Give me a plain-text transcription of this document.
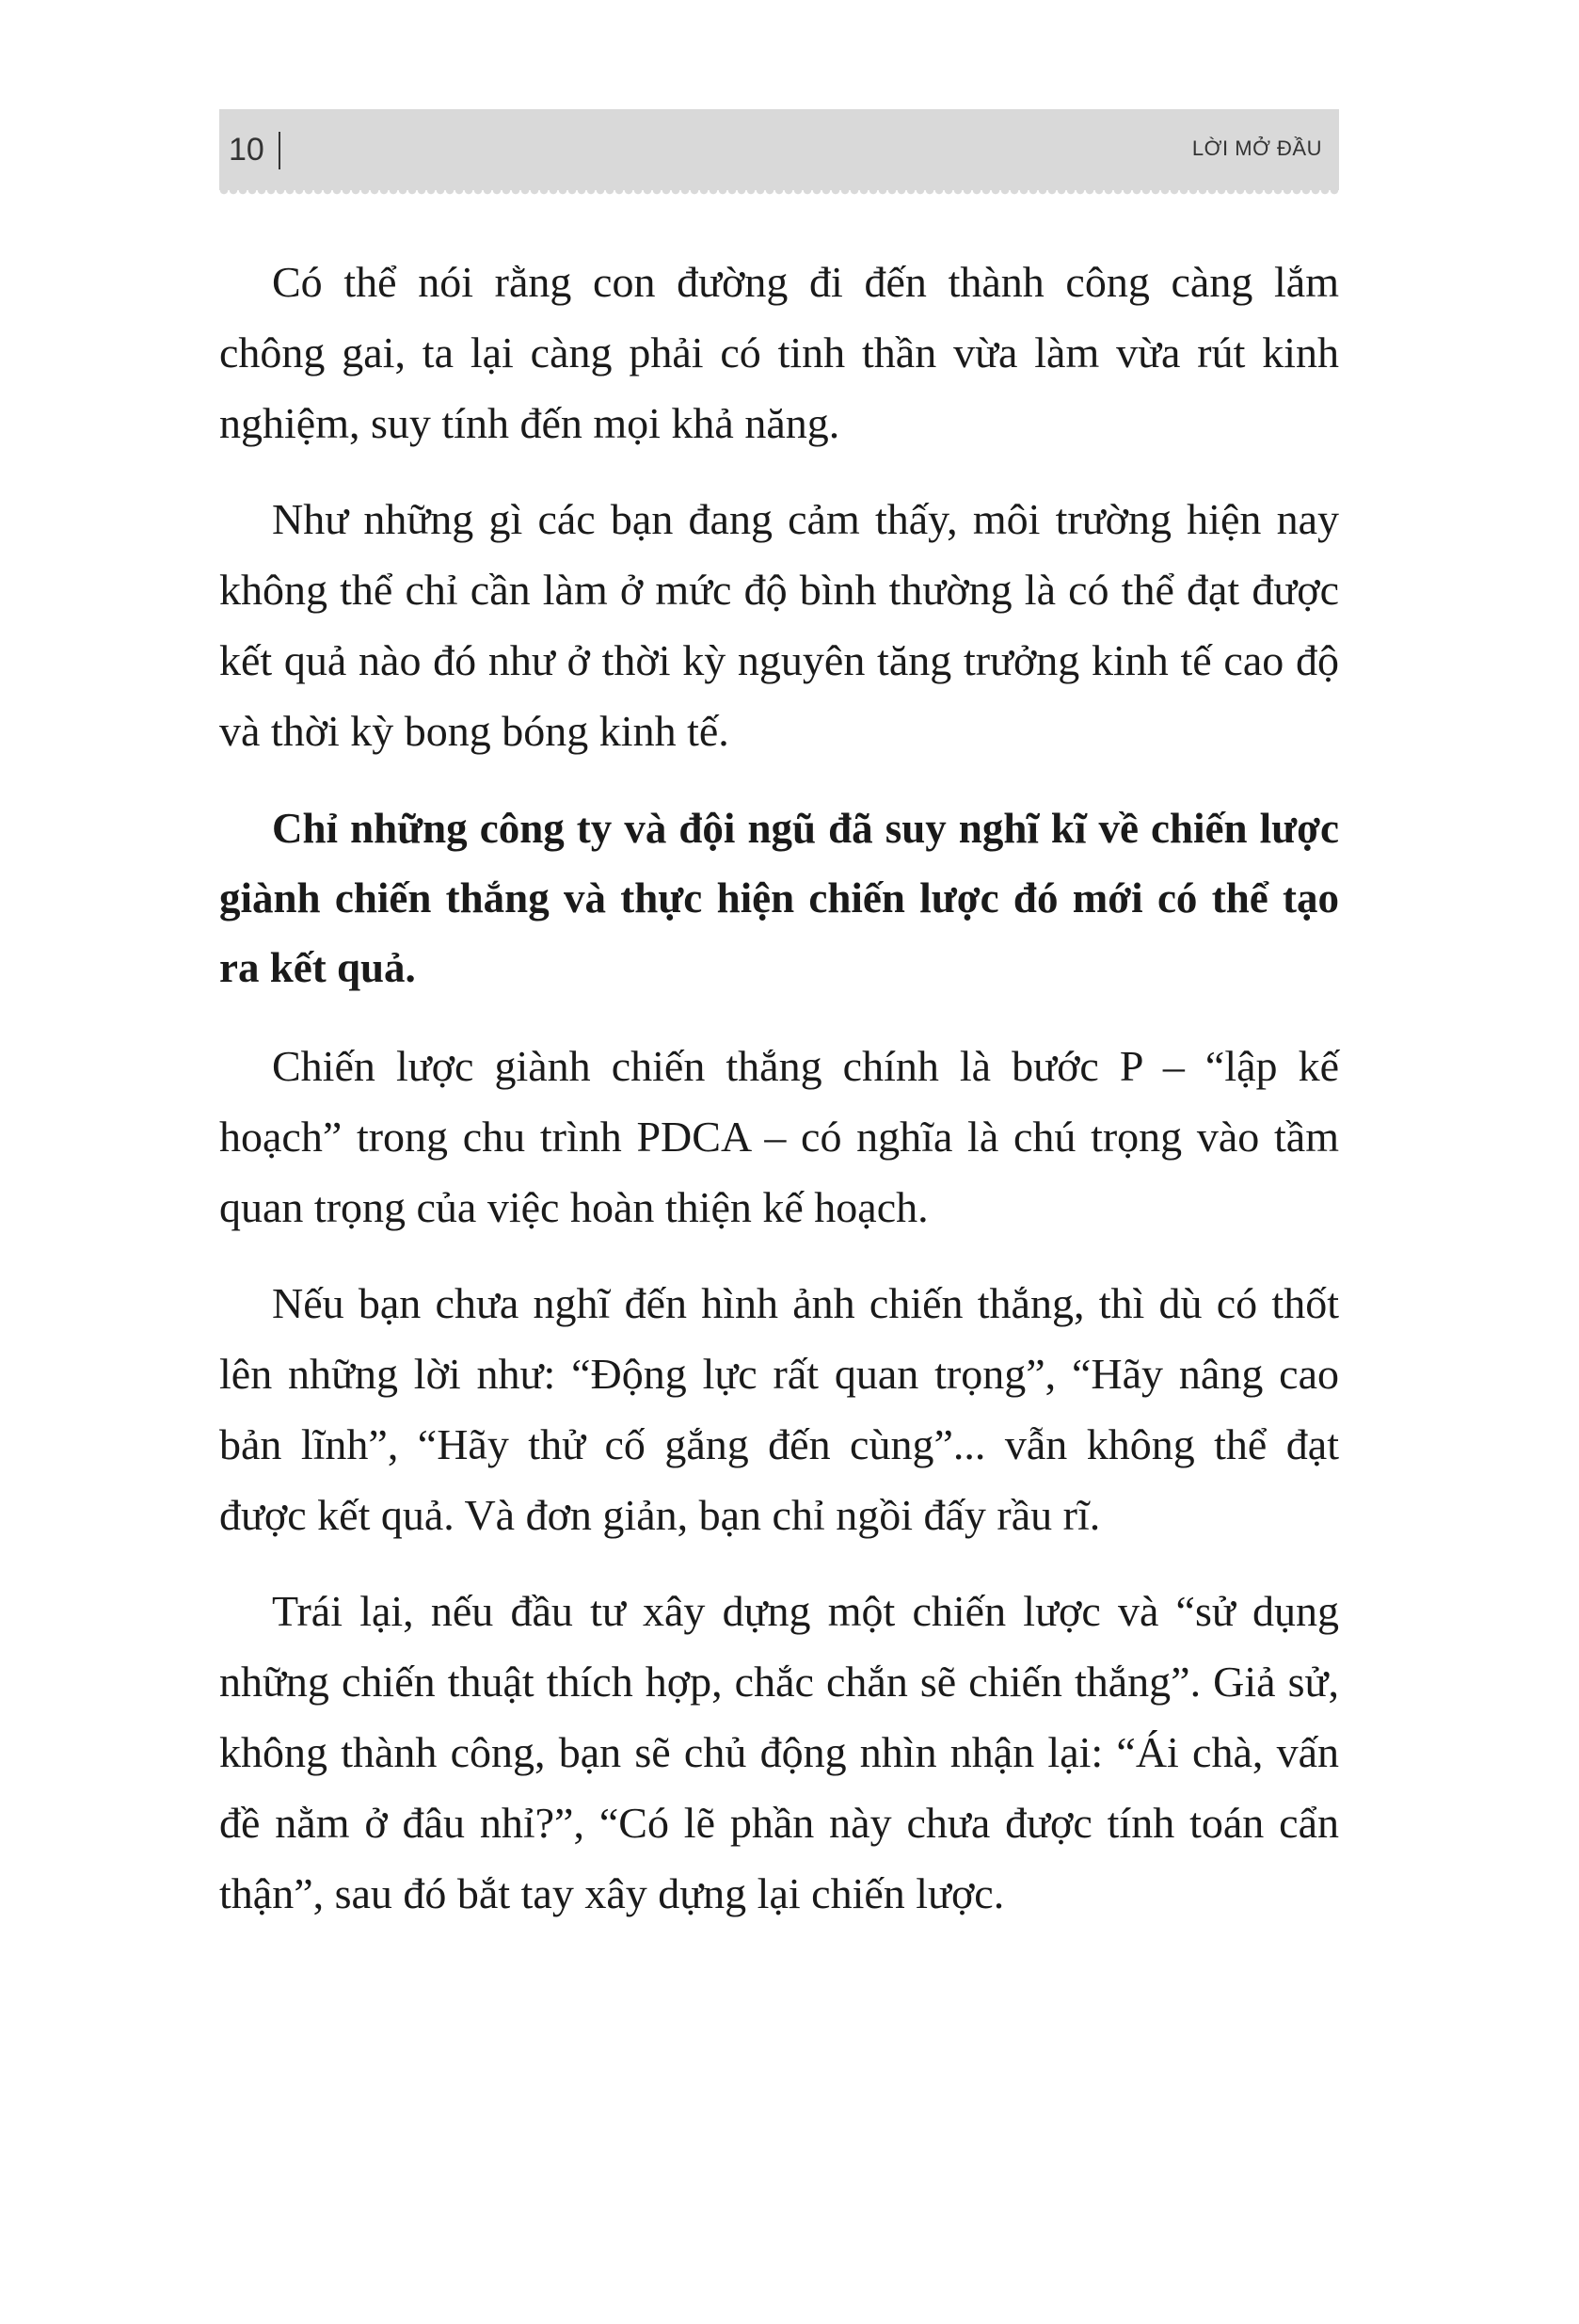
10	LỜI MỞ ĐẦU

Có thể nói rằng con đường đi đến thành công càng lắm chông gai, ta lại càng phải có tinh thần vừa làm vừa rút kinh nghiệm, suy tính đến mọi khả năng.

Như những gì các bạn đang cảm thấy, môi trường hiện nay không thể chỉ cần làm ở mức độ bình thường là có thể đạt được kết quả nào đó như ở thời kỳ nguyên tăng trưởng kinh tế cao độ và thời kỳ bong bóng kinh tế.

Chỉ những công ty và đội ngũ đã suy nghĩ kĩ về chiến lược giành chiến thắng và thực hiện chiến lược đó mới có thể tạo ra kết quả.

Chiến lược giành chiến thắng chính là bước P – “lập kế hoạch” trong chu trình PDCA – có nghĩa là chú trọng vào tầm quan trọng của việc hoàn thiện kế hoạch.

Nếu bạn chưa nghĩ đến hình ảnh chiến thắng, thì dù có thốt lên những lời như: “Động lực rất quan trọng”, “Hãy nâng cao bản lĩnh”, “Hãy thử cố gắng đến cùng”... vẫn không thể đạt được kết quả. Và đơn giản, bạn chỉ ngồi đấy rầu rĩ.

Trái lại, nếu đầu tư xây dựng một chiến lược và “sử dụng những chiến thuật thích hợp, chắc chắn sẽ chiến thắng”. Giả sử, không thành công, bạn sẽ chủ động nhìn nhận lại: “Ái chà, vấn đề nằm ở đâu nhỉ?”, “Có lẽ phần này chưa được tính toán cẩn thận”, sau đó bắt tay xây dựng lại chiến lược.
